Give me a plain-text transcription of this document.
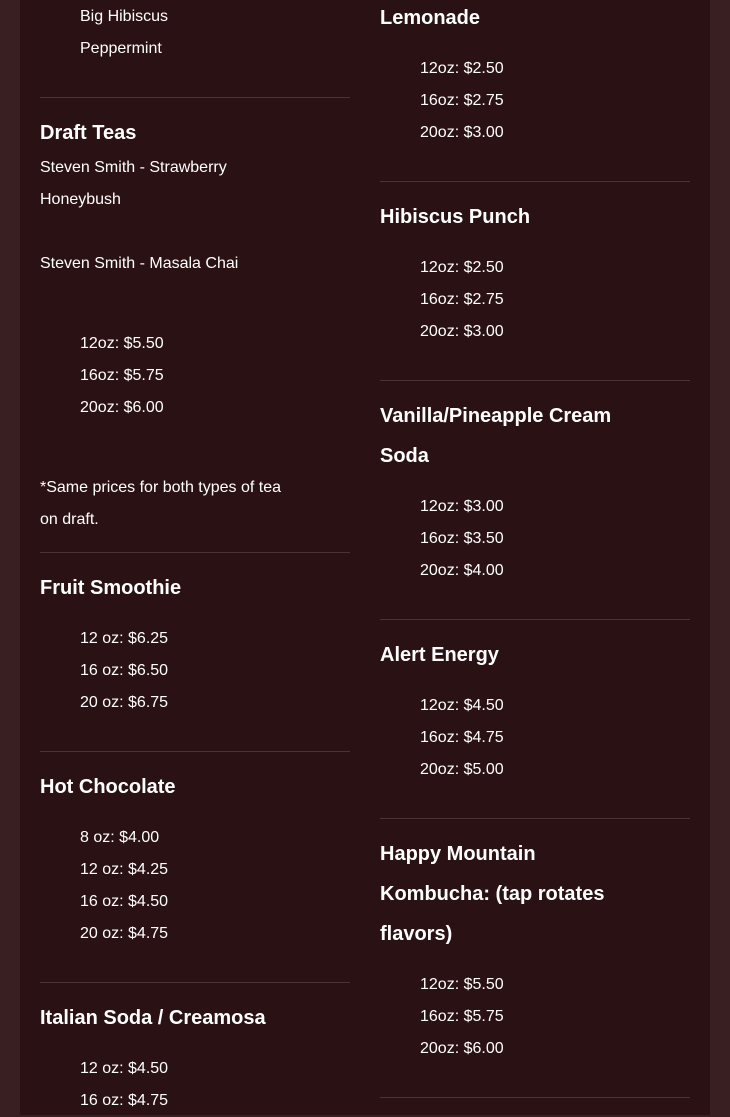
Big Hibiscus
Peppermint
Draft Teas

Steven Smith - Strawberry

Honeybush

Steven Smith - Masala Chai

12oz: $5.50
16oz: $5.75
20oz: $6.00

*Same prices for both types of tea

on draft.

Fruit Smoothie
12 oz: $6.25
16 oz: $6.50
20 oz: $6.75
Hot Chocolate
8 oz: $4.00
12 oz: $4.25
16 oz: $4.50
20 oz: $4.75
Italian Soda / Creamosa
12 oz: $4.50
16 oz: $4.75
Lemonade
12oz: $2.50
16oz: $2.75
20oz: $3.00
Hibiscus Punch
12oz: $2.50
16oz: $2.75
20oz: $3.00
Vanilla/Pineapple Cream
Soda
12oz: $3.00
16oz: $3.50
20oz: $4.00
Alert Energy
12oz: $4.50
16oz: $4.75
20oz: $5.00
Happy Mountain
Kombucha: (tap rotates
flavors)
12oz: $5.50
16oz: $5.75
20oz: $6.00
